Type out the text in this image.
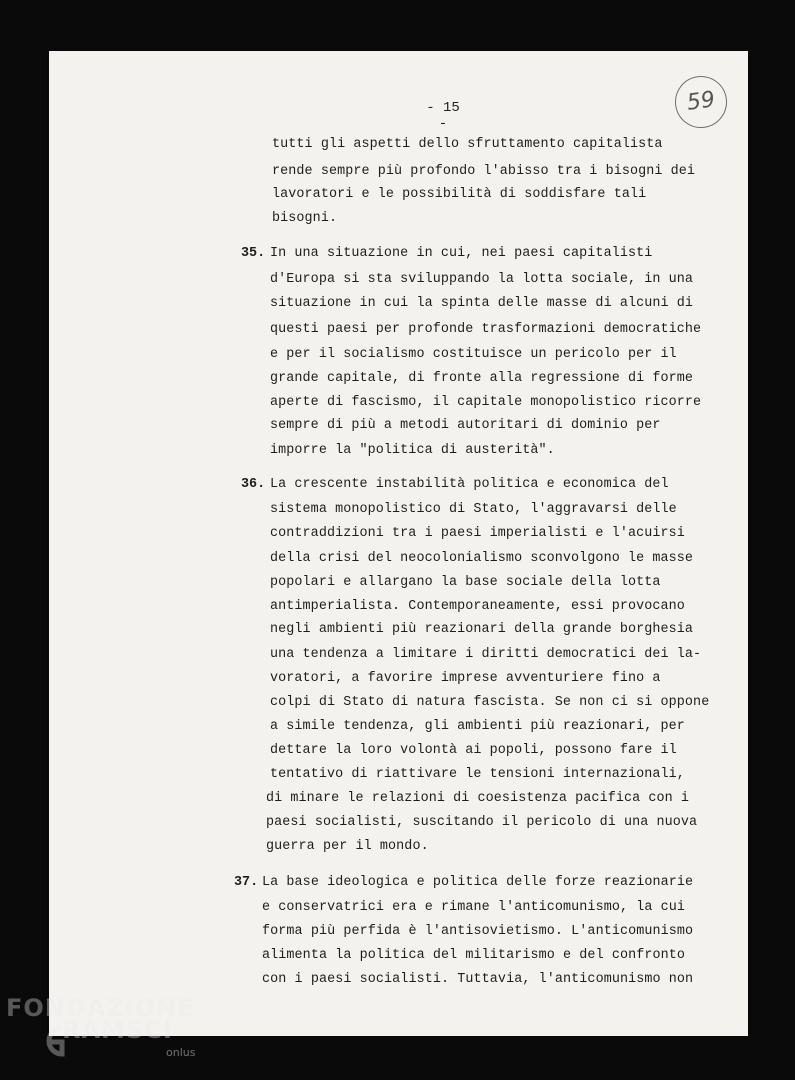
59
- 15 -
tutti gli aspetti dello sfruttamento capitalista
rende sempre più profondo l'abisso tra i bisogni dei
lavoratori e le possibilità di soddisfare tali
bisogni.
35. In una situazione in cui, nei paesi capitalisti
d'Europa si sta sviluppando la lotta sociale, in una
situazione in cui la spinta delle masse di alcuni di
questi paesi per profonde trasformazioni democratiche
e per il socialismo costituisce un pericolo per il
grande capitale, di fronte alla regressione di forme
aperte di fascismo, il capitale monopolistico ricorre
sempre di più a metodi autoritari di dominio per
imporre la "politica di austerità".
36. La crescente instabilità politica e economica del
sistema monopolistico di Stato, l'aggravarsi delle
contraddizioni tra i paesi imperialisti e l'acuirsi
della crisi del neocolonialismo sconvolgono le masse
popolari e allargano la base sociale della lotta
antimperialista. Contemporaneamente, essi provocano
negli ambienti più reazionari della grande borghesia
una tendenza a limitare i diritti democratici dei la-
voratori, a favorire imprese avventuriere fino a
colpi di Stato di natura fascista. Se non ci si oppone
a simile tendenza, gli ambienti più reazionari, per
dettare la loro volontà ai popoli, possono fare il
tentativo di riattivare le tensioni internazionali,
di minare le relazioni di coesistenza pacifica con i
paesi socialisti, suscitando il pericolo di una nuova
guerra per il mondo.
37. La base ideologica e politica delle forze reazionarie
e conservatrici era e rimane l'anticomunismo, la cui
forma più perfida è l'antisovietismo. L'anticomunismo
alimenta la politica del militarismo e del confronto
con i paesi socialisti. Tuttavia, l'anticomunismo non
FONDAZIONE
RAMSCI
onlus
